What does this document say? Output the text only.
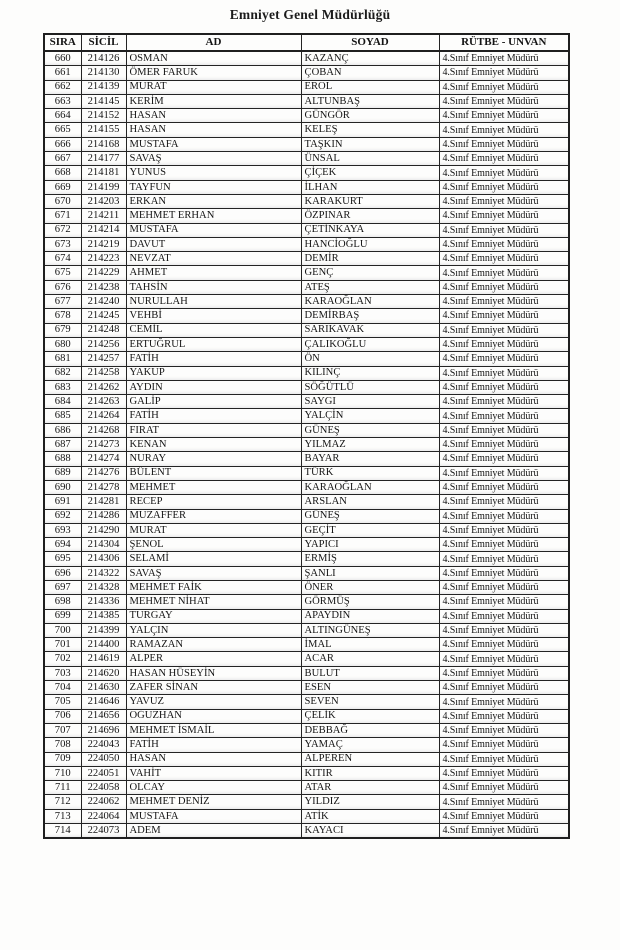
Emniyet Genel Müdürlüğü
SIRA	SİCİL	AD	SOYAD	RÜTBE - UNVAN
660	214126	OSMAN	KAZANÇ	4.Sınıf Emniyet Müdürü
661	214130	ÖMER FARUK	ÇOBAN	4.Sınıf Emniyet Müdürü
662	214139	MURAT	EROL	4.Sınıf Emniyet Müdürü
663	214145	KERİM	ALTUNBAŞ	4.Sınıf Emniyet Müdürü
664	214152	HASAN	GÜNGÖR	4.Sınıf Emniyet Müdürü
665	214155	HASAN	KELEŞ	4.Sınıf Emniyet Müdürü
666	214168	MUSTAFA	TAŞKIN	4.Sınıf Emniyet Müdürü
667	214177	SAVAŞ	ÜNSAL	4.Sınıf Emniyet Müdürü
668	214181	YUNUS	ÇİÇEK	4.Sınıf Emniyet Müdürü
669	214199	TAYFUN	İLHAN	4.Sınıf Emniyet Müdürü
670	214203	ERKAN	KARAKURT	4.Sınıf Emniyet Müdürü
671	214211	MEHMET ERHAN	ÖZPINAR	4.Sınıf Emniyet Müdürü
672	214214	MUSTAFA	ÇETİNKAYA	4.Sınıf Emniyet Müdürü
673	214219	DAVUT	HANCİOĞLU	4.Sınıf Emniyet Müdürü
674	214223	NEVZAT	DEMİR	4.Sınıf Emniyet Müdürü
675	214229	AHMET	GENÇ	4.Sınıf Emniyet Müdürü
676	214238	TAHSİN	ATEŞ	4.Sınıf Emniyet Müdürü
677	214240	NURULLAH	KARAOĞLAN	4.Sınıf Emniyet Müdürü
678	214245	VEHBİ	DEMİRBAŞ	4.Sınıf Emniyet Müdürü
679	214248	CEMİL	SARIKAVAK	4.Sınıf Emniyet Müdürü
680	214256	ERTUĞRUL	ÇALIKOĞLU	4.Sınıf Emniyet Müdürü
681	214257	FATİH	ÖN	4.Sınıf Emniyet Müdürü
682	214258	YAKUP	KILINÇ	4.Sınıf Emniyet Müdürü
683	214262	AYDIN	SÖĞÜTLÜ	4.Sınıf Emniyet Müdürü
684	214263	GALİP	SAYGI	4.Sınıf Emniyet Müdürü
685	214264	FATİH	YALÇİN	4.Sınıf Emniyet Müdürü
686	214268	FIRAT	GÜNEŞ	4.Sınıf Emniyet Müdürü
687	214273	KENAN	YILMAZ	4.Sınıf Emniyet Müdürü
688	214274	NURAY	BAYAR	4.Sınıf Emniyet Müdürü
689	214276	BÜLENT	TÜRK	4.Sınıf Emniyet Müdürü
690	214278	MEHMET	KARAOĞLAN	4.Sınıf Emniyet Müdürü
691	214281	RECEP	ARSLAN	4.Sınıf Emniyet Müdürü
692	214286	MUZAFFER	GÜNEŞ	4.Sınıf Emniyet Müdürü
693	214290	MURAT	GEÇİT	4.Sınıf Emniyet Müdürü
694	214304	ŞENOL	YAPICI	4.Sınıf Emniyet Müdürü
695	214306	SELAMİ	ERMİŞ	4.Sınıf Emniyet Müdürü
696	214322	SAVAŞ	ŞANLI	4.Sınıf Emniyet Müdürü
697	214328	MEHMET FAİK	ÖNER	4.Sınıf Emniyet Müdürü
698	214336	MEHMET NİHAT	GÖRMÜŞ	4.Sınıf Emniyet Müdürü
699	214385	TURGAY	APAYDIN	4.Sınıf Emniyet Müdürü
700	214399	YALÇIN	ALTINGÜNEŞ	4.Sınıf Emniyet Müdürü
701	214400	RAMAZAN	İMAL	4.Sınıf Emniyet Müdürü
702	214619	ALPER	ACAR	4.Sınıf Emniyet Müdürü
703	214620	HASAN HÜSEYİN	BULUT	4.Sınıf Emniyet Müdürü
704	214630	ZAFER SİNAN	ESEN	4.Sınıf Emniyet Müdürü
705	214646	YAVUZ	SEVEN	4.Sınıf Emniyet Müdürü
706	214656	OĞUZHAN	ÇELİK	4.Sınıf Emniyet Müdürü
707	214696	MEHMET İSMAİL	DEBBAĞ	4.Sınıf Emniyet Müdürü
708	224043	FATİH	YAMAÇ	4.Sınıf Emniyet Müdürü
709	224050	HASAN	ALPEREN	4.Sınıf Emniyet Müdürü
710	224051	VAHİT	KITIR	4.Sınıf Emniyet Müdürü
711	224058	OLCAY	ATAR	4.Sınıf Emniyet Müdürü
712	224062	MEHMET DENİZ	YILDIZ	4.Sınıf Emniyet Müdürü
713	224064	MUSTAFA	ATİK	4.Sınıf Emniyet Müdürü
714	224073	ADEM	KAYACI	4.Sınıf Emniyet Müdürü
